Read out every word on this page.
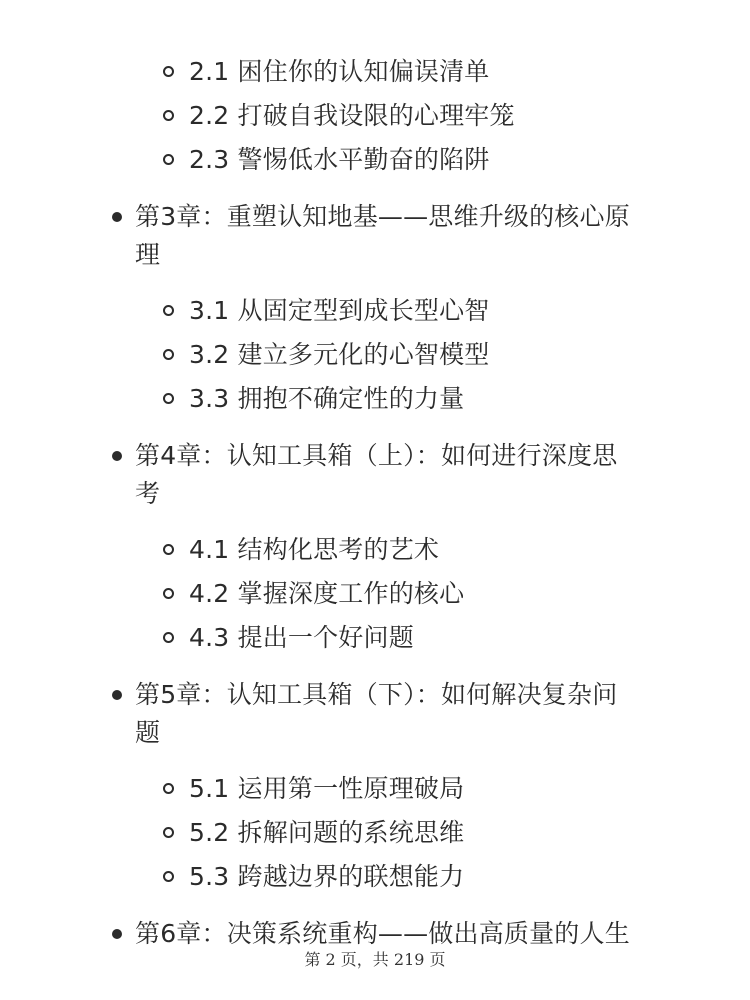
2.1 困住你的认知偏误清单
2.2 打破自我设限的心理牢笼
2.3 警惕低水平勤奋的陷阱
第3章：重塑认知地基——思维升级的核心原
理
3.1 从固定型到成长型心智
3.2 建立多元化的心智模型
3.3 拥抱不确定性的力量
第4章：认知工具箱（上）：如何进行深度思
考
4.1 结构化思考的艺术
4.2 掌握深度工作的核心
4.3 提出一个好问题
第5章：认知工具箱（下）：如何解决复杂问
题
5.1 运用第一性原理破局
5.2 拆解问题的系统思维
5.3 跨越边界的联想能力
第6章：决策系统重构——做出高质量的人生
第 2 页，共 219 页
